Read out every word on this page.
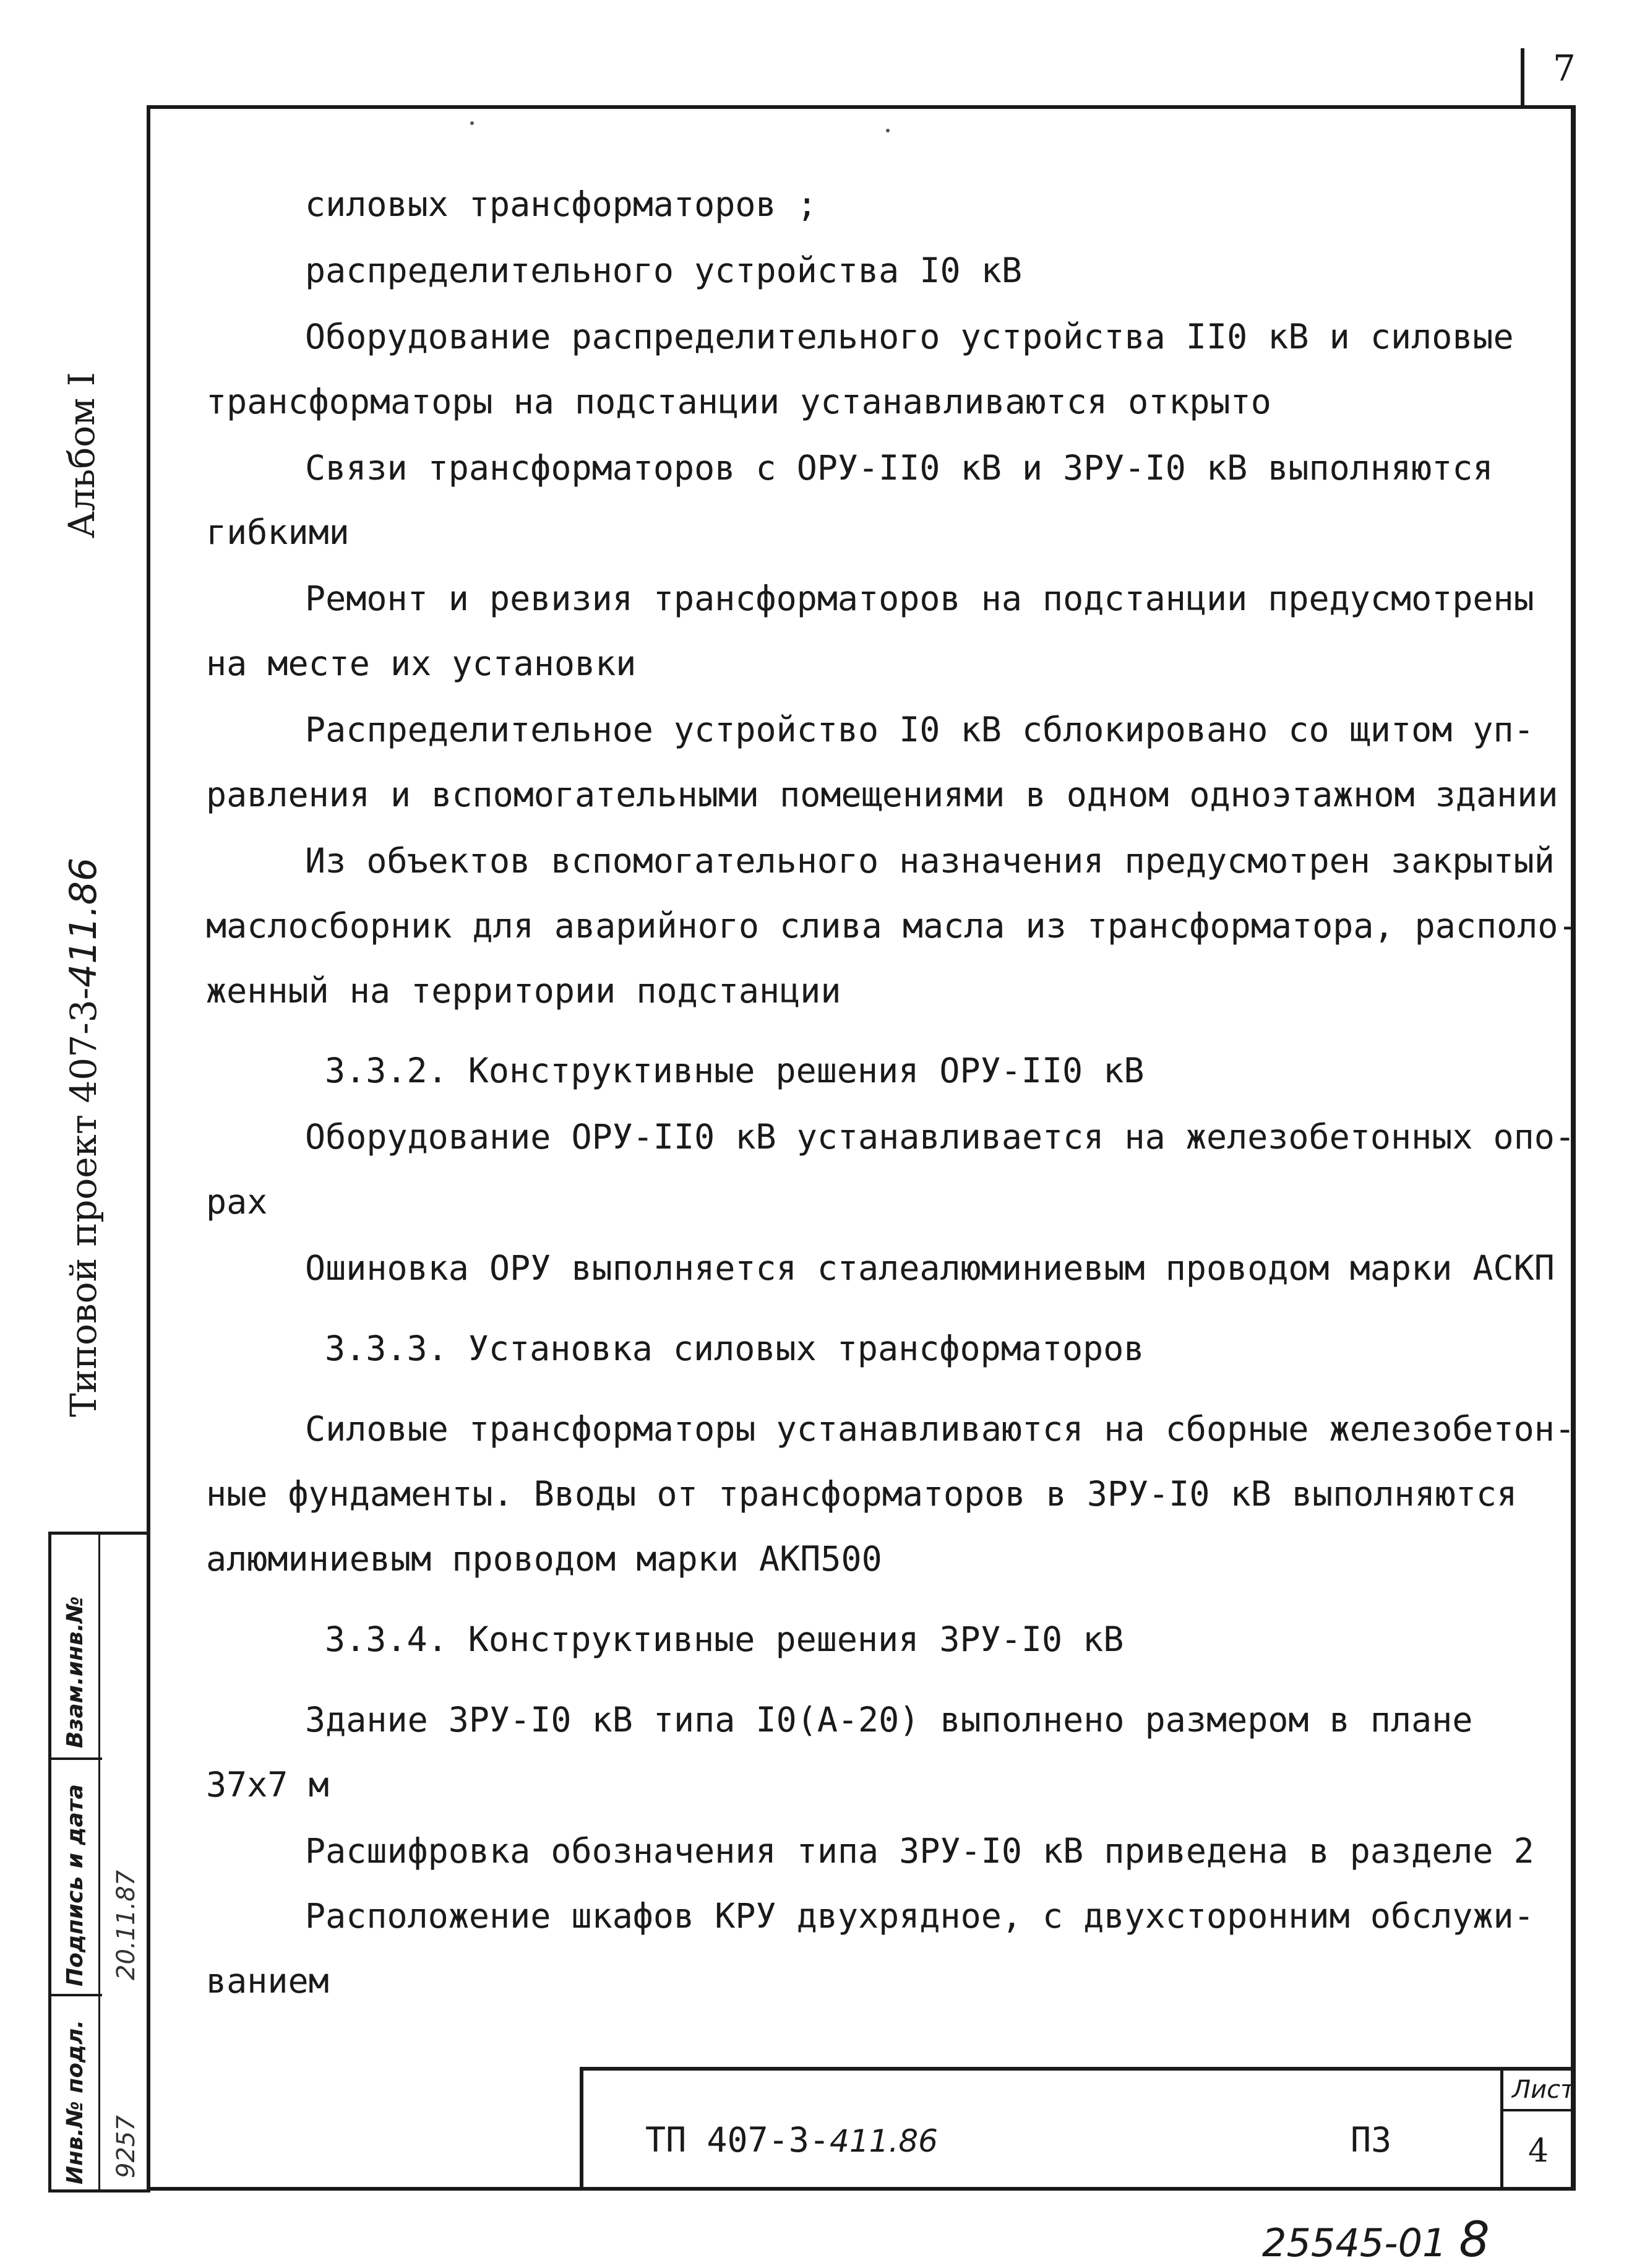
7
Альбом I
Типовой проект 407-3-411.86
Инв.№ подл.
Подпись и дата
Взам.инв.№
9257
20.11.87
силовых трансформаторов ;
распределительного устройства I0 кВ
Оборудование распределительного устройства II0 кВ и силовые
трансформаторы на подстанции устанавливаются открыто
Связи трансформаторов с ОРУ-II0 кВ и ЗРУ-I0 кВ выполняются
гибкими
Ремонт и ревизия трансформаторов на подстанции предусмотрены
на месте их установки
Распределительное устройство I0 кВ сблокировано со щитом уп-
равления и вспомогательными помещениями в одном одноэтажном здании
Из объектов вспомогательного назначения предусмотрен закрытый
маслосборник для аварийного слива масла из трансформатора, располо-
женный на территории подстанции
3.3.2. Конструктивные решения ОРУ-II0 кВ
Оборудование ОРУ-II0 кВ устанавливается на железобетонных опо-
рах
Ошиновка ОРУ выполняется сталеалюминиевым проводом марки АСКП
3.3.3. Установка силовых трансформаторов
Силовые трансформаторы устанавливаются на сборные железобетон-
ные фундаменты. Вводы от трансформаторов в ЗРУ-I0 кВ выполняются
алюминиевым проводом марки АКП500
3.3.4. Конструктивные решения ЗРУ-I0 кВ
Здание ЗРУ-I0 кВ типа I0(А-20) выполнено размером в плане
37х7 м
Расшифровка обозначения типа ЗРУ-I0 кВ приведена в разделе 2
Расположение шкафов КРУ двухрядное, с двухсторонним обслужи-
ванием
ТП 407-3-411.86	ПЗ
Лист
4
25545-01 8
